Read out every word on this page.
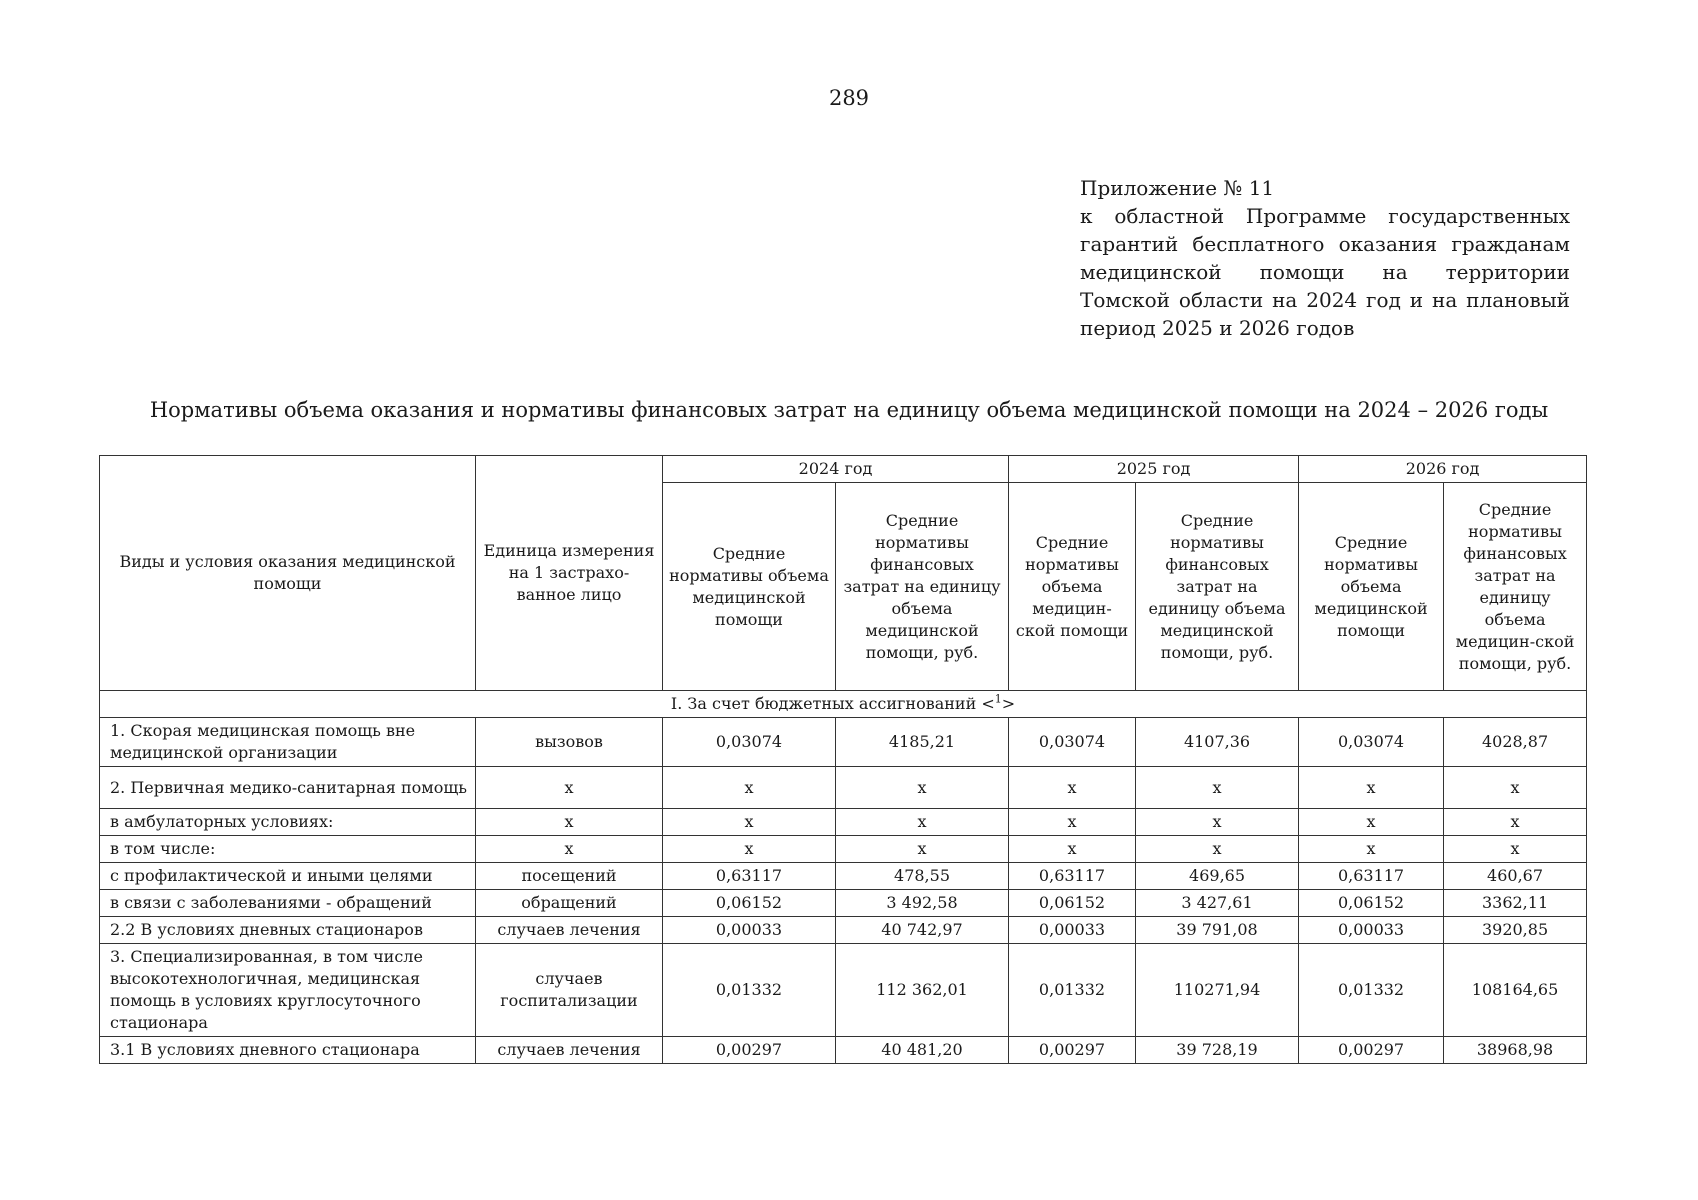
289
Приложение № 11
к областной Программе государственных гарантий бесплатного оказания гражданам медицинской помощи на территории Томской области на 2024 год и на плановый период 2025 и 2026 годов
Нормативы объема оказания и нормативы финансовых затрат на единицу объема медицинской помощи на 2024 – 2026 годы
Виды и условия оказания медицинской помощи	Единица измерения на 1 застрахо-ванное лицо	2024 год		2025 год		2026 год	
		Средние нормативы объема медицинской помощи	Средние нормативы финансовых затрат на единицу объема медицинской помощи, руб.	Средние нормативы объема медицин-ской помощи	Средние нормативы финансовых затрат на единицу объема медицинской помощи, руб.	Средние нормативы объема медицинской помощи	Средние нормативы финансовых затрат на единицу объема медицин-ской помощи, руб.
I. За счет бюджетных ассигнований <$^1$>							
1. Скорая медицинская помощь вне медицинской организации	вызовов	0,03074	4185,21	0,03074	4107,36	0,03074	4028,87
2. Первичная медико-санитарная помощь	x	x	x	x	x	x	x
в амбулаторных условиях:	x	x	x	x	x	x	x
в том числе:	x	x	x	x	x	x	x
с профилактической и иными целями	посещений	0,63117	478,55	0,63117	469,65	0,63117	460,67
в связи с заболеваниями - обращений	обращений	0,06152	3 492,58	0,06152	3 427,61	0,06152	3362,11
2.2 В условиях дневных стационаров	случаев лечения	0,00033	40 742,97	0,00033	39 791,08	0,00033	3920,85
3. Специализированная, в том числе высокотехнологичная, медицинская помощь в условиях круглосуточного стационара	случаев госпитализации	0,01332	112 362,01	0,01332	110271,94	0,01332	108164,65
3.1 В условиях дневного стационара	случаев лечения	0,00297	40 481,20	0,00297	39 728,19	0,00297	38968,98
